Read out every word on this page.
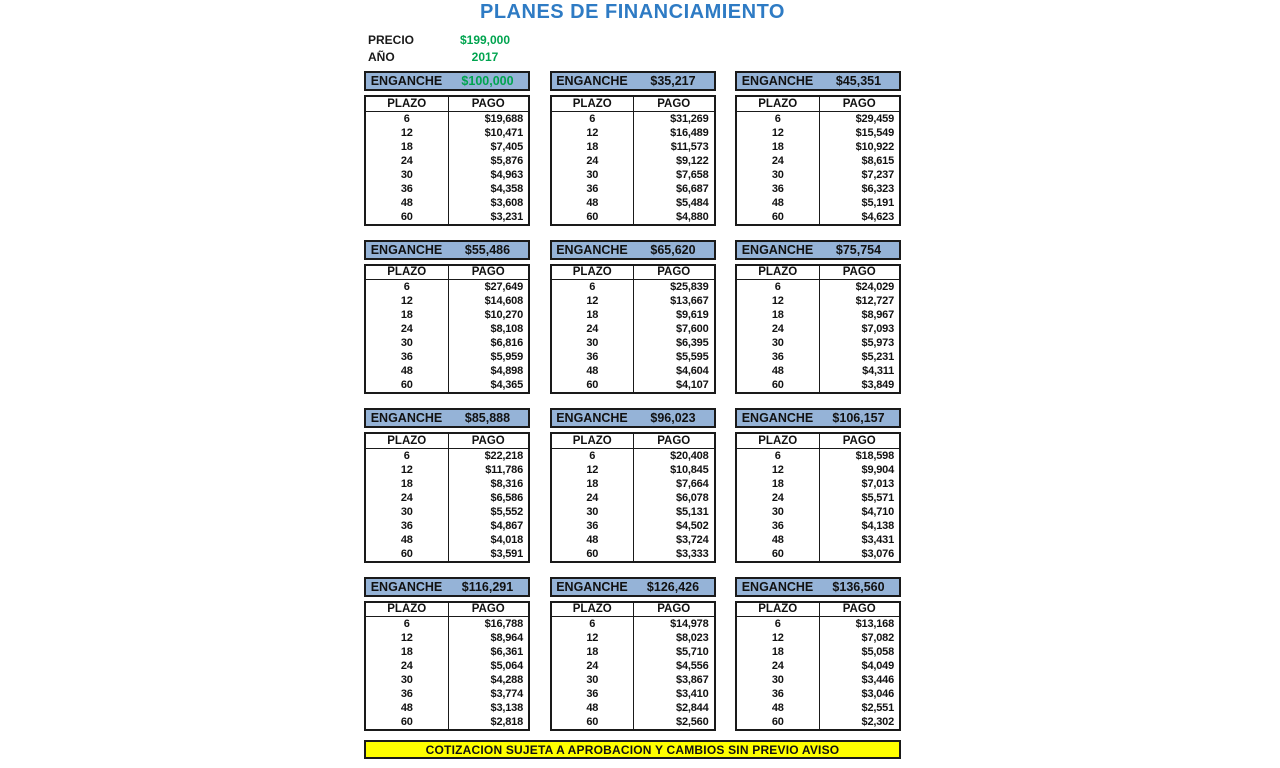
PLANES DE FINANCIAMIENTO
PRECIO	$199,000
AÑO	2017
ENGANCHE	$100,000
PLAZO	PAGO
6	$19,688
12	$10,471
18	$7,405
24	$5,876
30	$4,963
36	$4,358
48	$3,608
60	$3,231
ENGANCHE	$35,217
PLAZO	PAGO
6	$31,269
12	$16,489
18	$11,573
24	$9,122
30	$7,658
36	$6,687
48	$5,484
60	$4,880
ENGANCHE	$45,351
PLAZO	PAGO
6	$29,459
12	$15,549
18	$10,922
24	$8,615
30	$7,237
36	$6,323
48	$5,191
60	$4,623
ENGANCHE	$55,486
PLAZO	PAGO
6	$27,649
12	$14,608
18	$10,270
24	$8,108
30	$6,816
36	$5,959
48	$4,898
60	$4,365
ENGANCHE	$65,620
PLAZO	PAGO
6	$25,839
12	$13,667
18	$9,619
24	$7,600
30	$6,395
36	$5,595
48	$4,604
60	$4,107
ENGANCHE	$75,754
PLAZO	PAGO
6	$24,029
12	$12,727
18	$8,967
24	$7,093
30	$5,973
36	$5,231
48	$4,311
60	$3,849
ENGANCHE	$85,888
PLAZO	PAGO
6	$22,218
12	$11,786
18	$8,316
24	$6,586
30	$5,552
36	$4,867
48	$4,018
60	$3,591
ENGANCHE	$96,023
PLAZO	PAGO
6	$20,408
12	$10,845
18	$7,664
24	$6,078
30	$5,131
36	$4,502
48	$3,724
60	$3,333
ENGANCHE	$106,157
PLAZO	PAGO
6	$18,598
12	$9,904
18	$7,013
24	$5,571
30	$4,710
36	$4,138
48	$3,431
60	$3,076
ENGANCHE	$116,291
PLAZO	PAGO
6	$16,788
12	$8,964
18	$6,361
24	$5,064
30	$4,288
36	$3,774
48	$3,138
60	$2,818
ENGANCHE	$126,426
PLAZO	PAGO
6	$14,978
12	$8,023
18	$5,710
24	$4,556
30	$3,867
36	$3,410
48	$2,844
60	$2,560
ENGANCHE	$136,560
PLAZO	PAGO
6	$13,168
12	$7,082
18	$5,058
24	$4,049
30	$3,446
36	$3,046
48	$2,551
60	$2,302
COTIZACION SUJETA A APROBACION Y CAMBIOS SIN PREVIO AVISO
